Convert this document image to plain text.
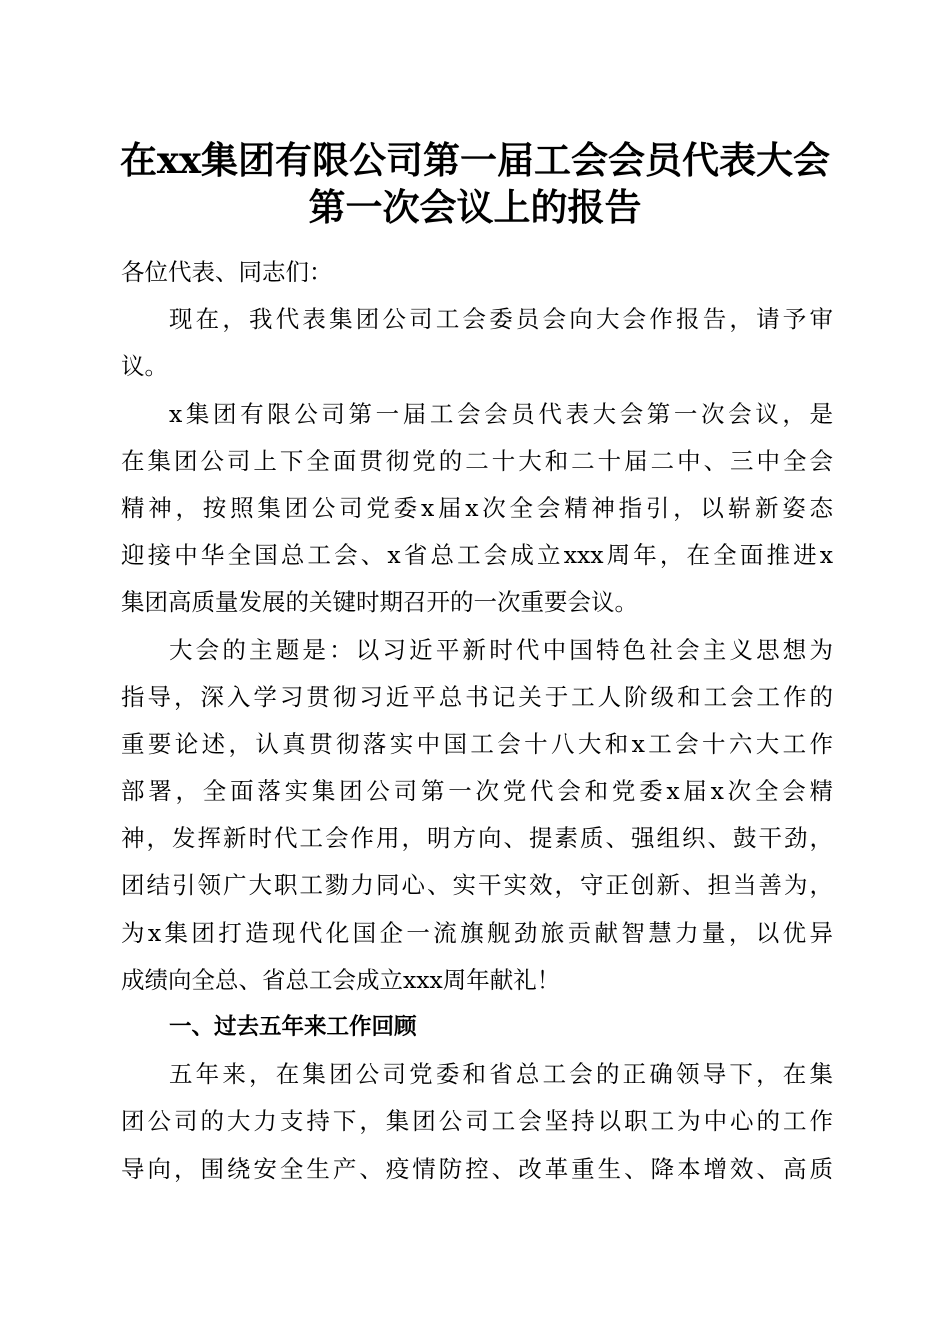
在xx集团有限公司第一届工会会员代表大会
第一次会议上的报告
各位代表、同志们：
现在，我代表集团公司工会委员会向大会作报告，请予审
议。
x集团有限公司第一届工会会员代表大会第一次会议，是
在集团公司上下全面贯彻党的二十大和二十届二中、三中全会
精神，按照集团公司党委x届x次全会精神指引，以崭新姿态
迎接中华全国总工会、x省总工会成立xxx周年，在全面推进x
集团高质量发展的关键时期召开的一次重要会议。
大会的主题是：以习近平新时代中国特色社会主义思想为
指导，深入学习贯彻习近平总书记关于工人阶级和工会工作的
重要论述，认真贯彻落实中国工会十八大和x工会十六大工作
部署，全面落实集团公司第一次党代会和党委x届x次全会精
神，发挥新时代工会作用，明方向、提素质、强组织、鼓干劲，
团结引领广大职工勠力同心、实干实效，守正创新、担当善为，
为x集团打造现代化国企一流旗舰劲旅贡献智慧力量，以优异
成绩向全总、省总工会成立xxx周年献礼！
一、过去五年来工作回顾
五年来，在集团公司党委和省总工会的正确领导下，在集
团公司的大力支持下，集团公司工会坚持以职工为中心的工作
导向，围绕安全生产、疫情防控、改革重生、降本增效、高质
